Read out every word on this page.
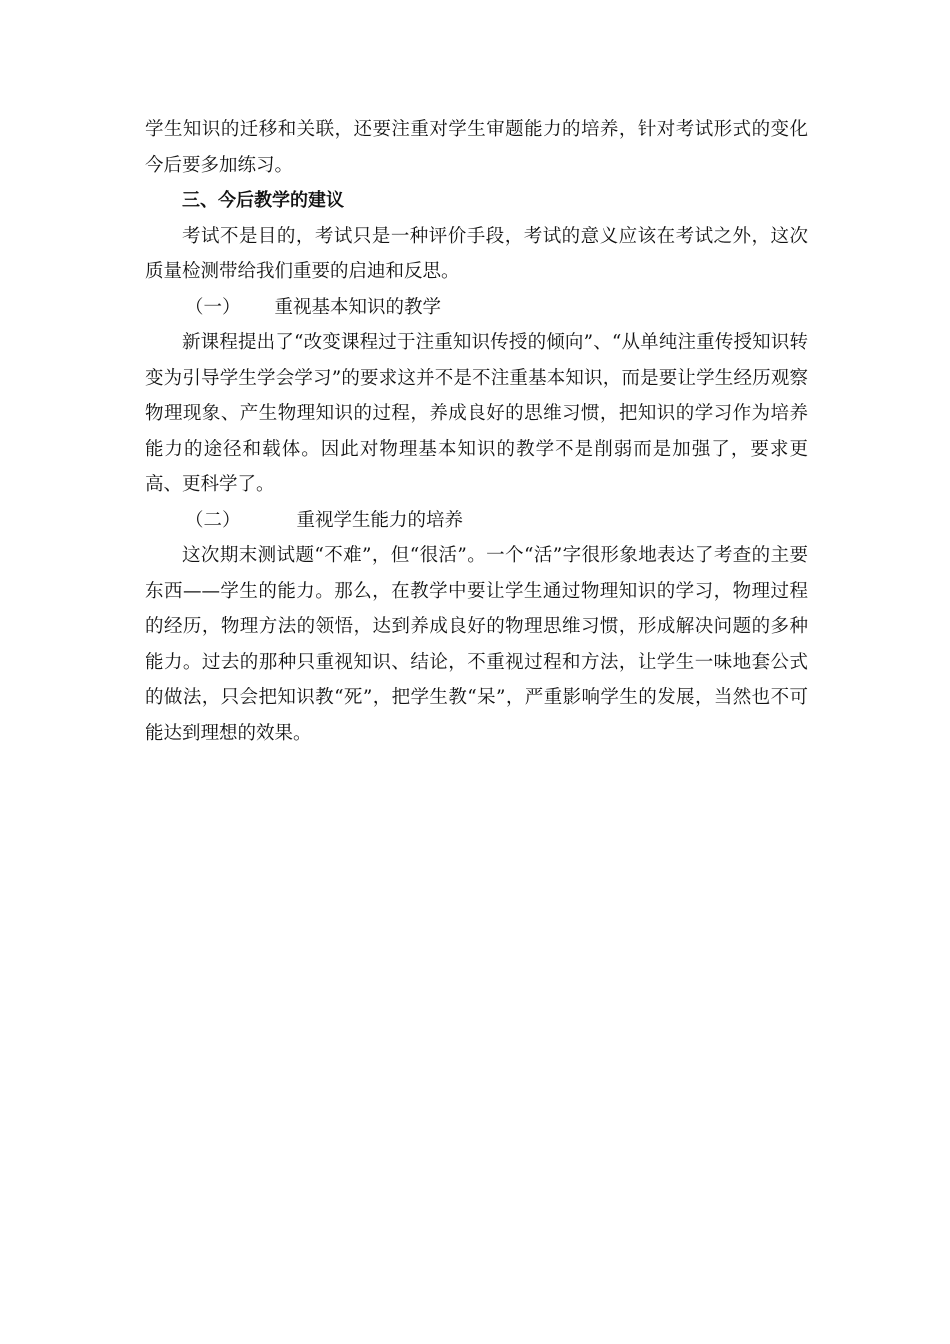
学生知识的迁移和关联，还要注重对学生审题能力的培养，针对考试形式的变化今后要多加练习。

三、今后教学的建议

考试不是目的，考试只是一种评价手段，考试的意义应该在考试之外，这次质量检测带给我们重要的启迪和反思。

（一）	重视基本知识的教学

新课程提出了“改变课程过于注重知识传授的倾向”、“从单纯注重传授知识转变为引导学生学会学习”的要求这并不是不注重基本知识，而是要让学生经历观察物理现象、产生物理知识的过程，养成良好的思维习惯，把知识的学习作为培养能力的途径和载体。因此对物理基本知识的教学不是削弱而是加强了，要求更高、更科学了。

（二）	重视学生能力的培养

这次期末测试题“不难”，但“很活”。一个“活”字很形象地表达了考查的主要东西——学生的能力。那么，在教学中要让学生通过物理知识的学习，物理过程的经历，物理方法的领悟，达到养成良好的物理思维习惯，形成解决问题的多种能力。过去的那种只重视知识、结论，不重视过程和方法，让学生一味地套公式的做法，只会把知识教“死”，把学生教“呆”，严重影响学生的发展，当然也不可能达到理想的效果。
